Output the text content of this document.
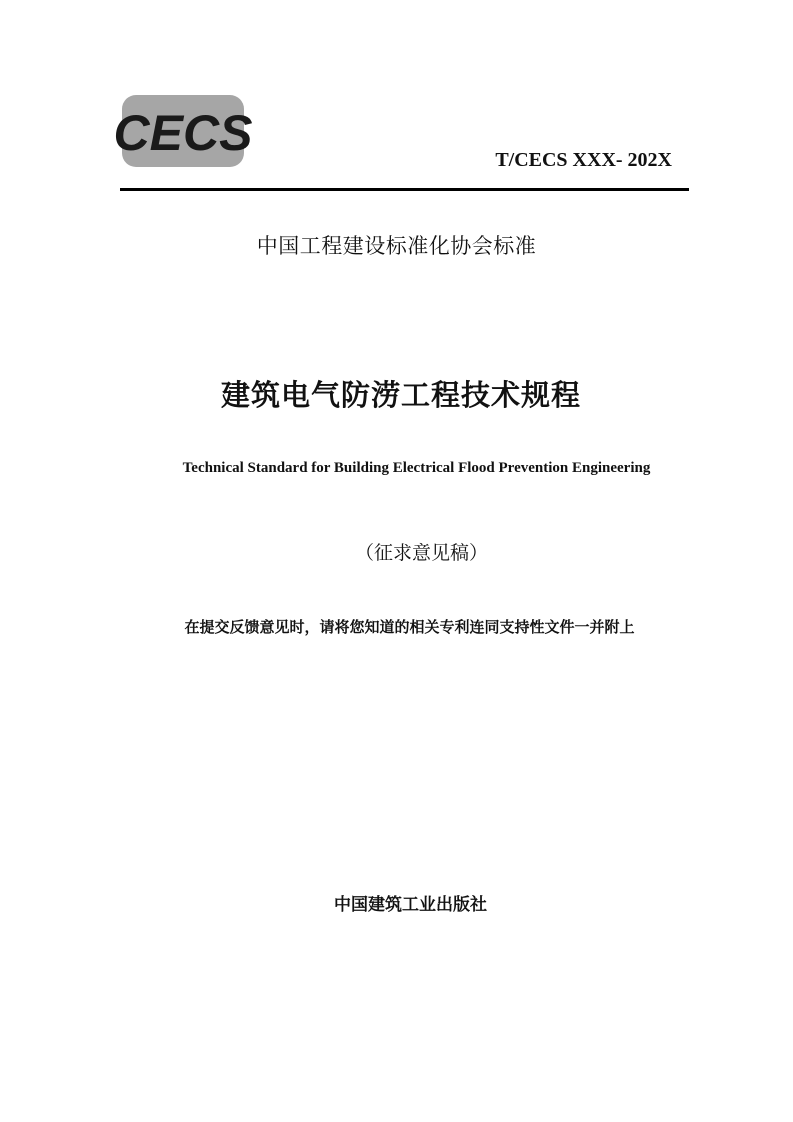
CECS	T/CECS XXX- 202X
中国工程建设标准化协会标准
建筑电气防涝工程技术规程
Technical Standard for Building Electrical Flood Prevention Engineering
（征求意见稿）
在提交反馈意见时，请将您知道的相关专利连同支持性文件一并附上
中国建筑工业出版社
